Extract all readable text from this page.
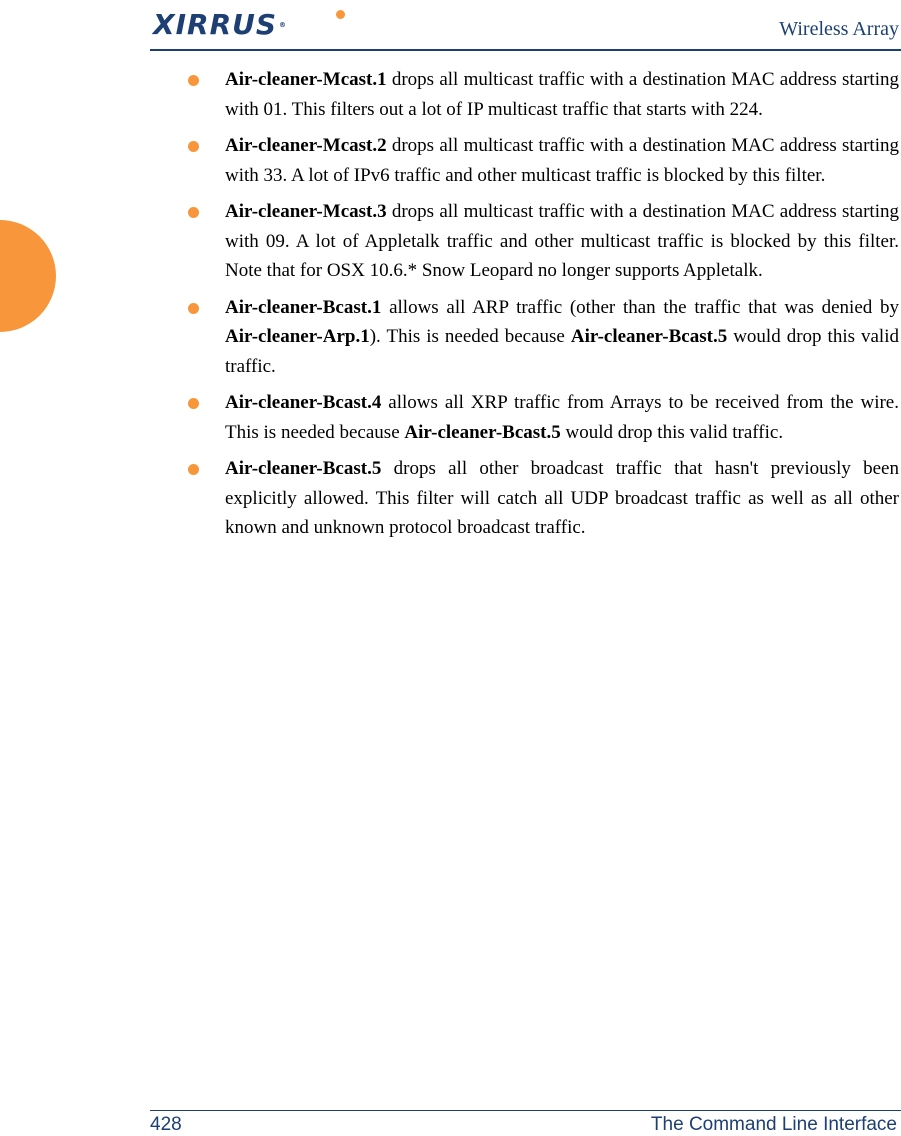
XIRRUS ®	Wireless Array

Air-cleaner-Mcast.1 drops all multicast traffic with a destination MAC address starting with 01. This filters out a lot of IP multicast traffic that starts with 224.

Air-cleaner-Mcast.2 drops all multicast traffic with a destination MAC address starting with 33. A lot of IPv6 traffic and other multicast traffic is blocked by this filter.

Air-cleaner-Mcast.3 drops all multicast traffic with a destination MAC address starting with 09. A lot of Appletalk traffic and other multicast traffic is blocked by this filter. Note that for OSX 10.6.* Snow Leopard no longer supports Appletalk.

Air-cleaner-Bcast.1 allows all ARP traffic (other than the traffic that was denied by Air-cleaner-Arp.1). This is needed because Air-cleaner-Bcast.5 would drop this valid traffic.

Air-cleaner-Bcast.4 allows all XRP traffic from Arrays to be received from the wire. This is needed because Air-cleaner-Bcast.5 would drop this valid traffic.

Air-cleaner-Bcast.5 drops all other broadcast traffic that hasn't previously been explicitly allowed. This filter will catch all UDP broadcast traffic as well as all other known and unknown protocol broadcast traffic.

428	The Command Line Interface
